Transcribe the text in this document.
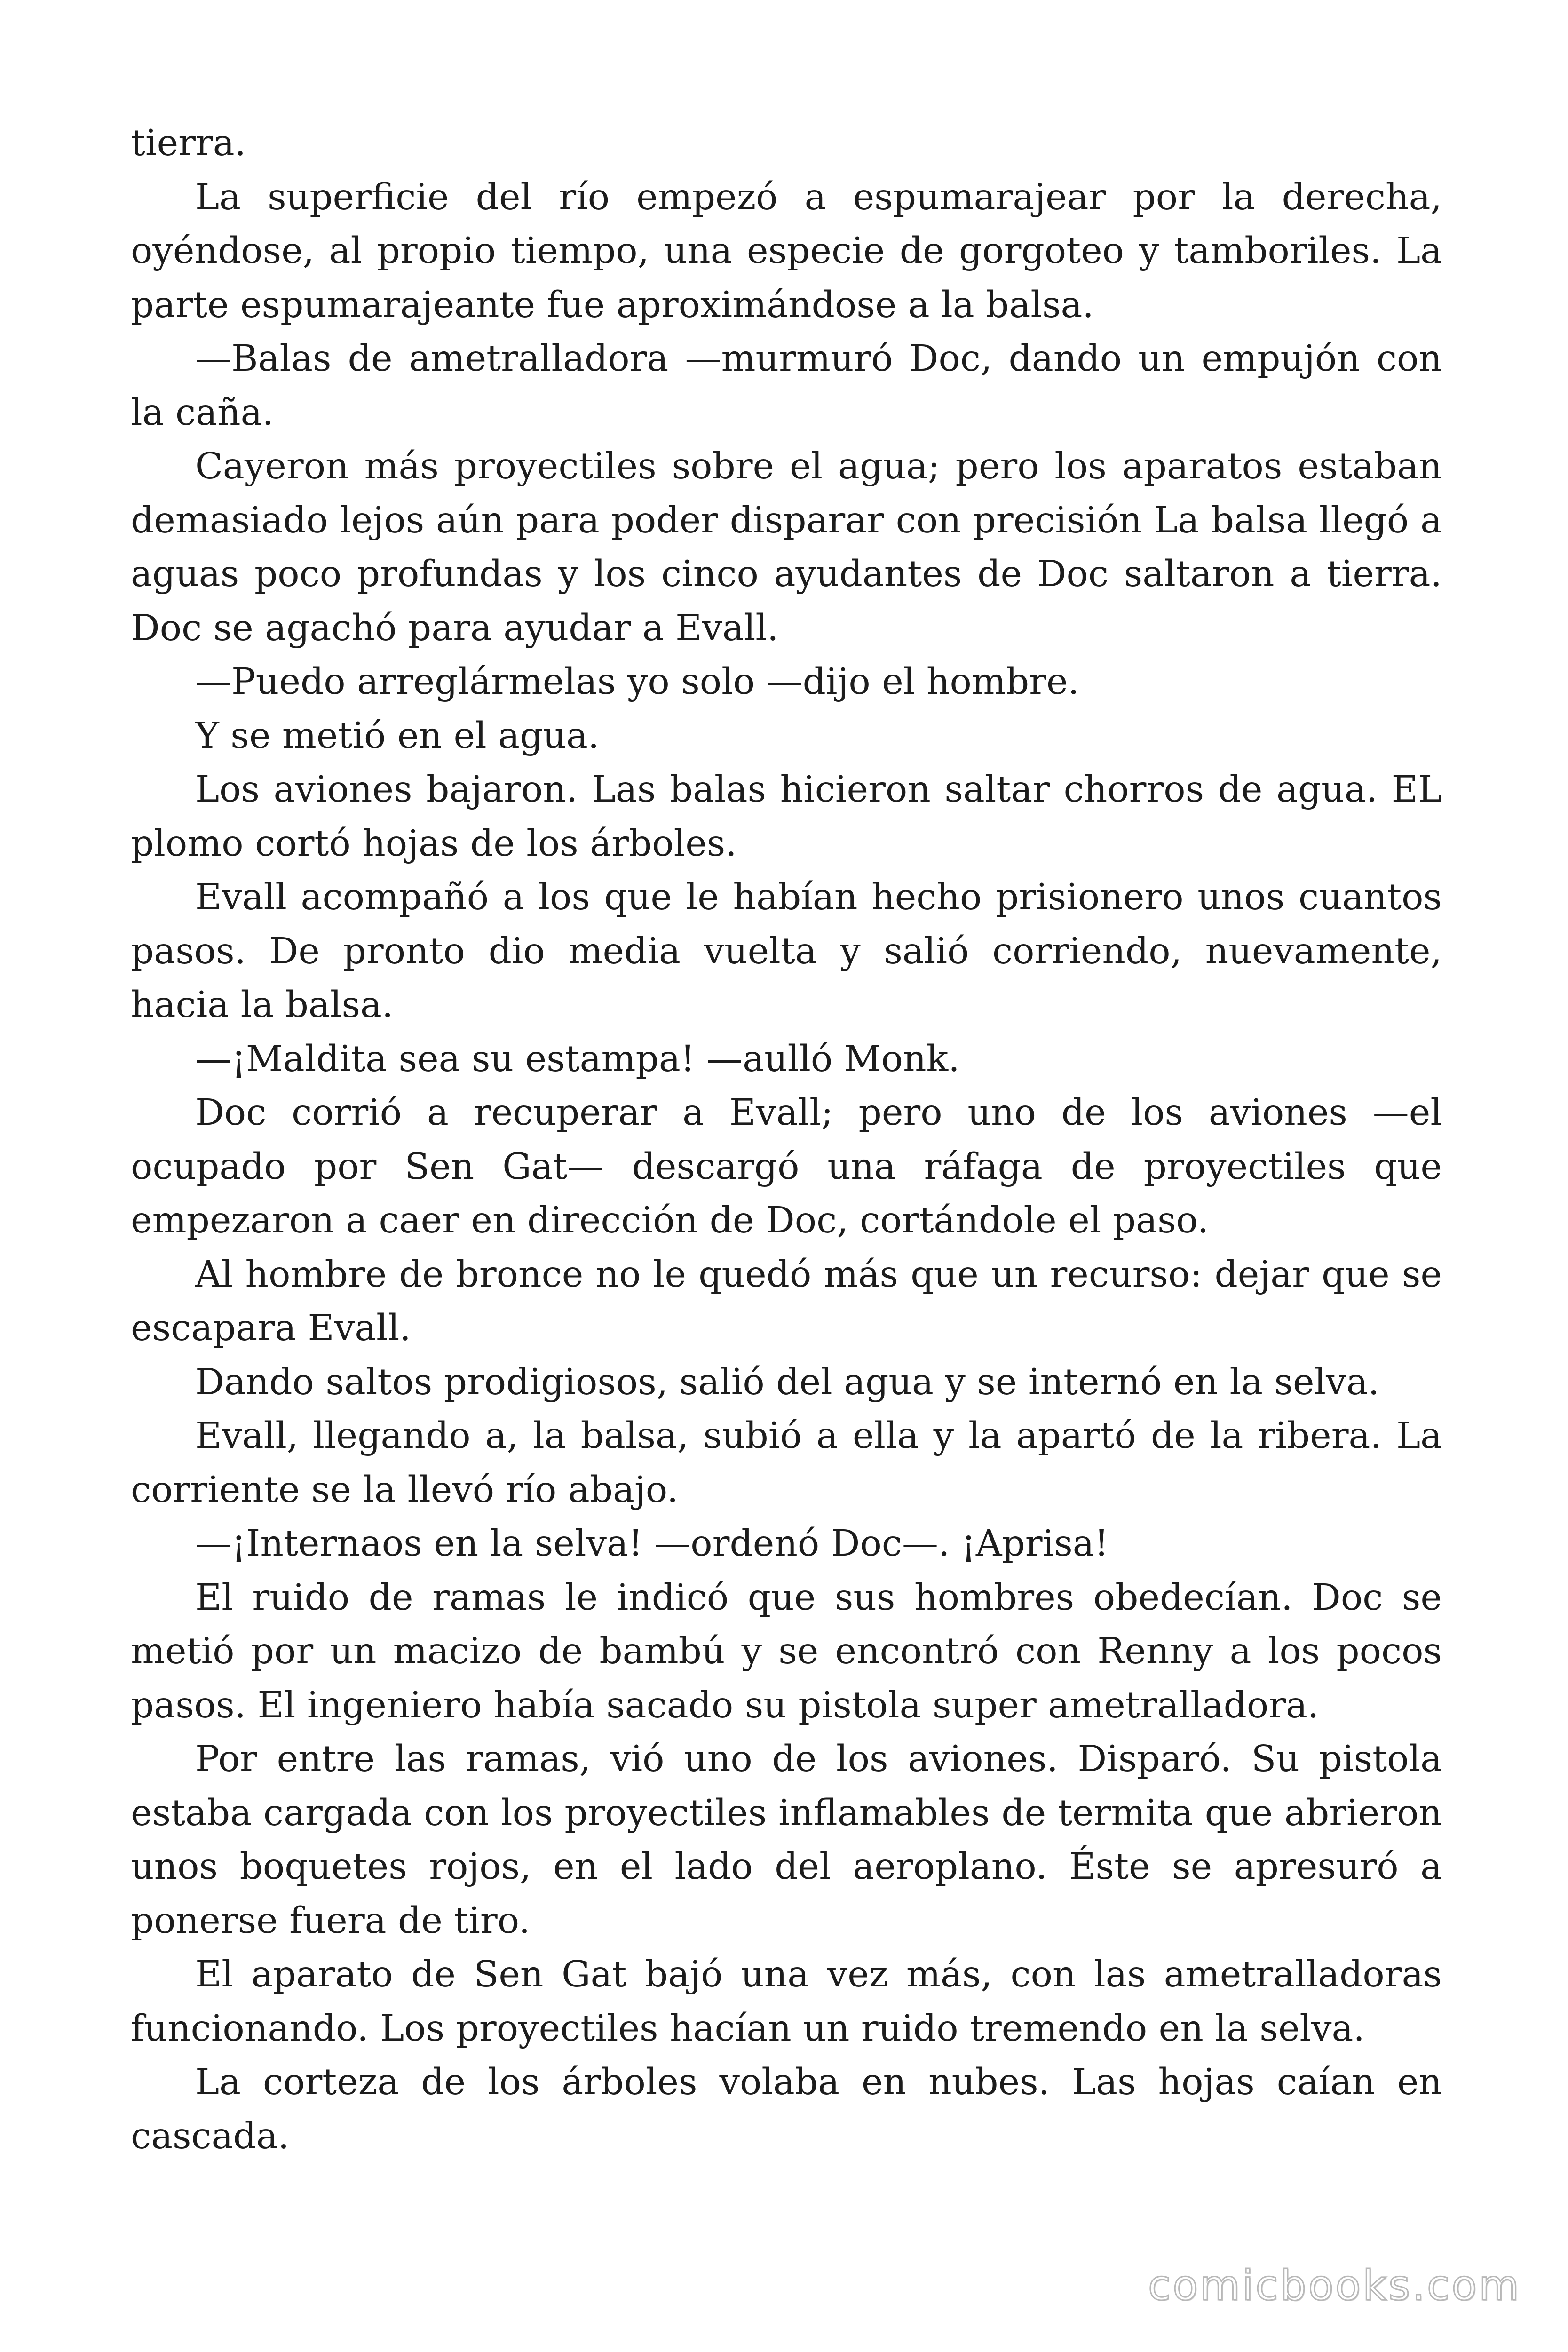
tierra.

La superficie del río empezó a espumarajear por la derecha, oyéndose, al propio tiempo, una especie de gorgoteo y tamboriles. La parte espumarajeante fue aproximándose a la balsa.

—Balas de ametralladora —murmuró Doc, dando un empujón con la caña.

Cayeron más proyectiles sobre el agua; pero los aparatos estaban demasiado lejos aún para poder disparar con precisión La balsa llegó a aguas poco profundas y los cinco ayudantes de Doc saltaron a tierra. Doc se agachó para ayudar a Evall.

—Puedo arreglármelas yo solo —dijo el hombre.

Y se metió en el agua.

Los aviones bajaron. Las balas hicieron saltar chorros de agua. EL plomo cortó hojas de los árboles.

Evall acompañó a los que le habían hecho prisionero unos cuantos pasos. De pronto dio media vuelta y salió corriendo, nuevamente, hacia la balsa.

—¡Maldita sea su estampa! —aulló Monk.

Doc corrió a recuperar a Evall; pero uno de los aviones —el ocupado por Sen Gat— descargó una ráfaga de proyectiles que empezaron a caer en dirección de Doc, cortándole el paso.

Al hombre de bronce no le quedó más que un recurso: dejar que se escapara Evall.

Dando saltos prodigiosos, salió del agua y se internó en la selva.

Evall, llegando a, la balsa, subió a ella y la apartó de la ribera. La corriente se la llevó río abajo.

—¡Internaos en la selva! —ordenó Doc—. ¡Aprisa!

El ruido de ramas le indicó que sus hombres obedecían. Doc se metió por un macizo de bambú y se encontró con Renny a los pocos pasos. El ingeniero había sacado su pistola super ametralladora.

Por entre las ramas, vió uno de los aviones. Disparó. Su pistola estaba cargada con los proyectiles inflamables de termita que abrieron unos boquetes rojos, en el lado del aeroplano. Éste se apresuró a ponerse fuera de tiro.

El aparato de Sen Gat bajó una vez más, con las ametralladoras funcionando. Los proyectiles hacían un ruido tremendo en la selva.

La corteza de los árboles volaba en nubes. Las hojas caían en cascada.

comicbooks.com
